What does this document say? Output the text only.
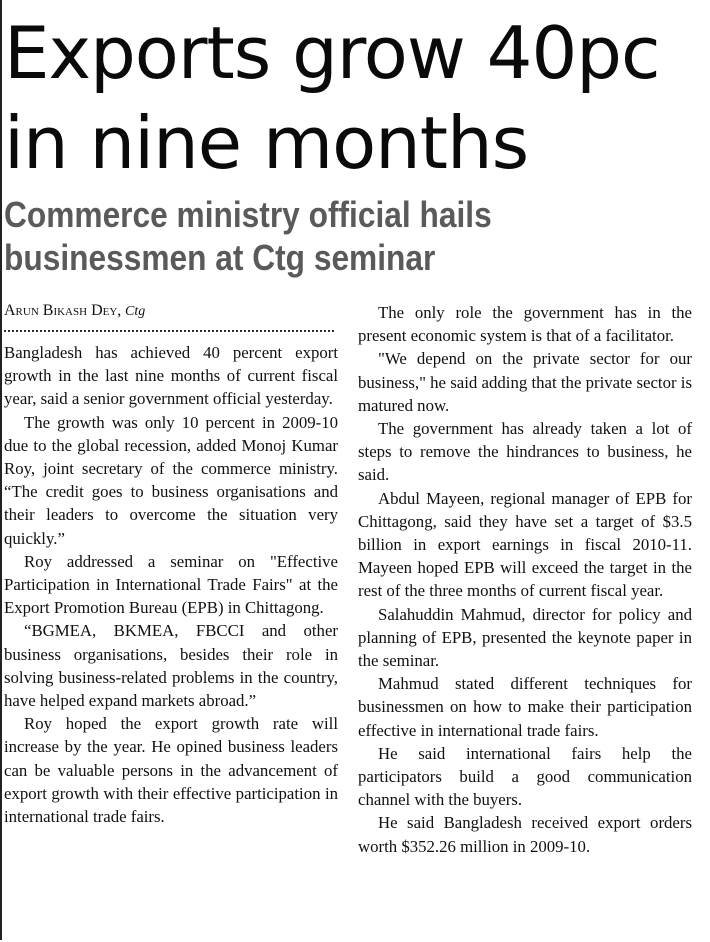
Exports grow 40pc in nine months
Commerce ministry official hails businessmen at Ctg seminar
Arun Bikash Dey, Ctg

Bangladesh has achieved 40 percent export growth in the last nine months of current fiscal year, said a senior government official yesterday.

The growth was only 10 percent in 2009-10 due to the global recession, added Monoj Kumar Roy, joint secretary of the commerce ministry. “The credit goes to business organisations and their leaders to overcome the situation very quickly.”

Roy addressed a seminar on "Effective Participation in International Trade Fairs" at the Export Promotion Bureau (EPB) in Chittagong.

“BGMEA, BKMEA, FBCCI and other business organisations, besides their role in solving business-related problems in the country, have helped expand markets abroad.”

Roy hoped the export growth rate will increase by the year. He opined business leaders can be valuable persons in the advancement of export growth with their effective participation in international trade fairs.

The only role the government has in the present economic system is that of a facilitator.

"We depend on the private sector for our business," he said adding that the private sector is matured now.

The government has already taken a lot of steps to remove the hindrances to business, he said.

Abdul Mayeen, regional manager of EPB for Chittagong, said they have set a target of $3.5 billion in export earnings in fiscal 2010-11. Mayeen hoped EPB will exceed the target in the rest of the three months of current fiscal year.

Salahuddin Mahmud, director for policy and planning of EPB, presented the keynote paper in the seminar.

Mahmud stated different techniques for businessmen on how to make their participation effective in international trade fairs.

He said international fairs help the participators build a good communication channel with the buyers.

He said Bangladesh received export orders worth $352.26 million in 2009-10.
